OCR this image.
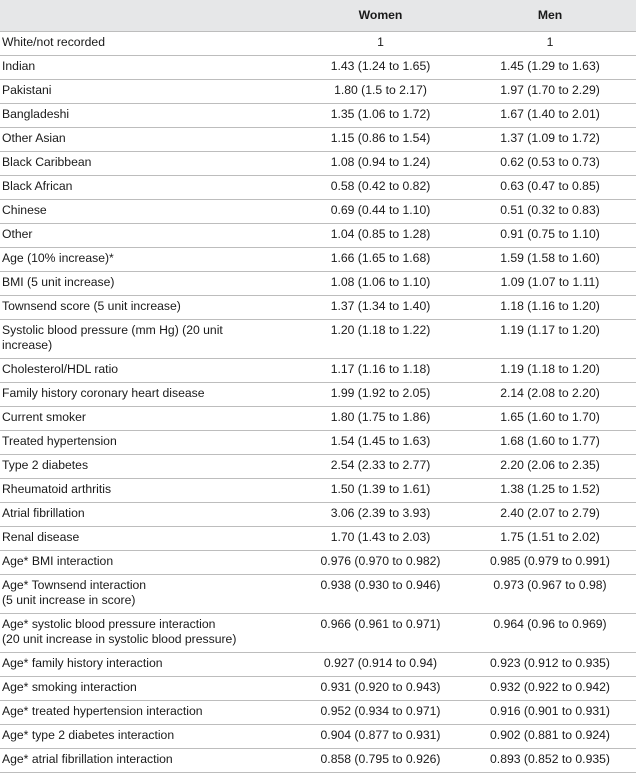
	Women	Men

White/not recorded	1	1

Indian	1.43 (1.24 to 1.65)	1.45 (1.29 to 1.63)

Pakistani	1.80 (1.5 to 2.17)	1.97 (1.70 to 2.29)

Bangladeshi	1.35 (1.06 to 1.72)	1.67 (1.40 to 2.01)

Other Asian	1.15 (0.86 to 1.54)	1.37 (1.09 to 1.72)

Black Caribbean	1.08 (0.94 to 1.24)	0.62 (0.53 to 0.73)

Black African	0.58 (0.42 to 0.82)	0.63 (0.47 to 0.85)

Chinese	0.69 (0.44 to 1.10)	0.51 (0.32 to 0.83)

Other	1.04 (0.85 to 1.28)	0.91 (0.75 to 1.10)

Age (10% increase)*	1.66 (1.65 to 1.68)	1.59 (1.58 to 1.60)

BMI (5 unit increase)	1.08 (1.06 to 1.10)	1.09 (1.07 to 1.11)

Townsend score (5 unit increase)	1.37 (1.34 to 1.40)	1.18 (1.16 to 1.20)

Systolic blood pressure (mm Hg) (20 unit
increase)	1.20 (1.18 to 1.22)	1.19 (1.17 to 1.20)

Cholesterol/HDL ratio	1.17 (1.16 to 1.18)	1.19 (1.18 to 1.20)

Family history coronary heart disease	1.99 (1.92 to 2.05)	2.14 (2.08 to 2.20)

Current smoker	1.80 (1.75 to 1.86)	1.65 (1.60 to 1.70)

Treated hypertension	1.54 (1.45 to 1.63)	1.68 (1.60 to 1.77)

Type 2 diabetes	2.54 (2.33 to 2.77)	2.20 (2.06 to 2.35)

Rheumatoid arthritis	1.50 (1.39 to 1.61)	1.38 (1.25 to 1.52)

Atrial fibrillation	3.06 (2.39 to 3.93)	2.40 (2.07 to 2.79)

Renal disease	1.70 (1.43 to 2.03)	1.75 (1.51 to 2.02)

Age* BMI interaction	0.976 (0.970 to 0.982)	0.985 (0.979 to 0.991)

Age* Townsend interaction
(5 unit increase in score)	0.938 (0.930 to 0.946)	0.973 (0.967 to 0.98)

Age* systolic blood pressure interaction
(20 unit increase in systolic blood pressure)	0.966 (0.961 to 0.971)	0.964 (0.96 to 0.969)

Age* family history interaction	0.927 (0.914 to 0.94)	0.923 (0.912 to 0.935)

Age* smoking interaction	0.931 (0.920 to 0.943)	0.932 (0.922 to 0.942)

Age* treated hypertension interaction	0.952 (0.934 to 0.971)	0.916 (0.901 to 0.931)

Age* type 2 diabetes interaction	0.904 (0.877 to 0.931)	0.902 (0.881 to 0.924)

Age* atrial fibrillation interaction	0.858 (0.795 to 0.926)	0.893 (0.852 to 0.935)
